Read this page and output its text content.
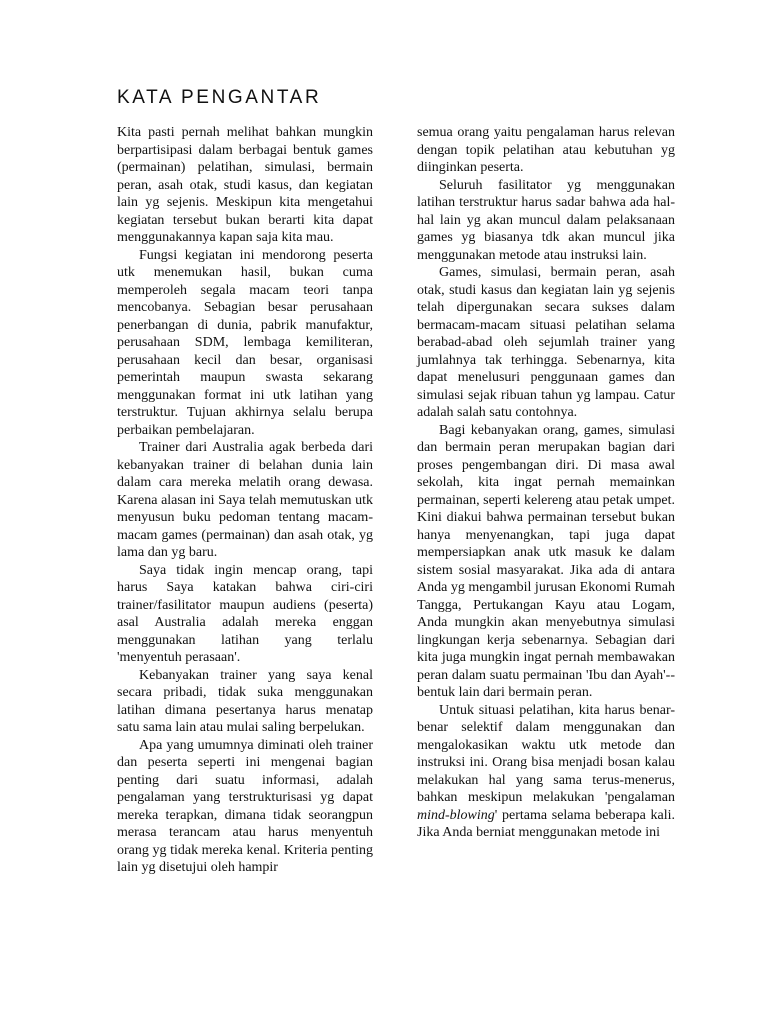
KATA PENGANTAR

Kita pasti pernah melihat bahkan mungkin berpartisipasi dalam berbagai bentuk games (permainan) pelatihan, simulasi, bermain peran, asah otak, studi kasus, dan kegiatan lain yg sejenis. Meskipun kita mengetahui kegiatan tersebut bukan berarti kita dapat menggunakannya kapan saja kita mau.

Fungsi kegiatan ini mendorong peserta utk menemukan hasil, bukan cuma memperoleh segala macam teori tanpa mencobanya. Sebagian besar perusahaan penerbangan di dunia, pabrik manufaktur, perusahaan SDM, lembaga kemiliteran, perusahaan kecil dan besar, organisasi pemerintah maupun swasta sekarang menggunakan format ini utk latihan yang terstruktur. Tujuan akhirnya selalu berupa perbaikan pembelajaran.

Trainer dari Australia agak berbeda dari kebanyakan trainer di belahan dunia lain dalam cara mereka melatih orang dewasa. Karena alasan ini Saya telah memutuskan utk menyusun buku pedoman tentang macam-macam games (permainan) dan asah otak, yg lama dan yg baru.

Saya tidak ingin mencap orang, tapi harus Saya katakan bahwa ciri-ciri trainer/fasilitator maupun audiens (peserta) asal Australia adalah mereka enggan menggunakan latihan yang terlalu 'menyentuh perasaan'.

Kebanyakan trainer yang saya kenal secara pribadi, tidak suka menggunakan latihan dimana pesertanya harus menatap satu sama lain atau mulai saling berpelukan.

Apa yang umumnya diminati oleh trainer dan peserta seperti ini mengenai bagian penting dari suatu informasi, adalah pengalaman yang terstrukturisasi yg dapat mereka terapkan, dimana tidak seorangpun merasa terancam atau harus menyentuh orang yg tidak mereka kenal. Kriteria penting lain yg disetujui oleh hampir

semua orang yaitu pengalaman harus relevan dengan topik pelatihan atau kebutuhan yg diinginkan peserta.

Seluruh fasilitator yg menggunakan latihan terstruktur harus sadar bahwa ada hal-hal lain yg akan muncul dalam pelaksanaan games yg biasanya tdk akan muncul jika menggunakan metode atau instruksi lain.

Games, simulasi, bermain peran, asah otak, studi kasus dan kegiatan lain yg sejenis telah dipergunakan secara sukses dalam bermacam-macam situasi pelatihan selama berabad-abad oleh sejumlah trainer yang jumlahnya tak terhingga. Sebenarnya, kita dapat menelusuri penggunaan games dan simulasi sejak ribuan tahun yg lampau. Catur adalah salah satu contohnya.

Bagi kebanyakan orang, games, simulasi dan bermain peran merupakan bagian dari proses pengembangan diri. Di masa awal sekolah, kita ingat pernah memainkan permainan, seperti kelereng atau petak umpet. Kini diakui bahwa permainan tersebut bukan hanya menyenangkan, tapi juga dapat mempersiapkan anak utk masuk ke dalam sistem sosial masyarakat. Jika ada di antara Anda yg mengambil jurusan Ekonomi Rumah Tangga, Pertukangan Kayu atau Logam, Anda mungkin akan menyebutnya simulasi lingkungan kerja sebenarnya. Sebagian dari kita juga mungkin ingat pernah membawakan peran dalam suatu permainan 'Ibu dan Ayah'--bentuk lain dari bermain peran.

Untuk situasi pelatihan, kita harus benar-benar selektif dalam menggunakan dan mengalokasikan waktu utk metode dan instruksi ini. Orang bisa menjadi bosan kalau melakukan hal yang sama terus-menerus, bahkan meskipun melakukan 'pengalaman mind-blowing' pertama selama beberapa kali. Jika Anda berniat menggunakan metode ini
